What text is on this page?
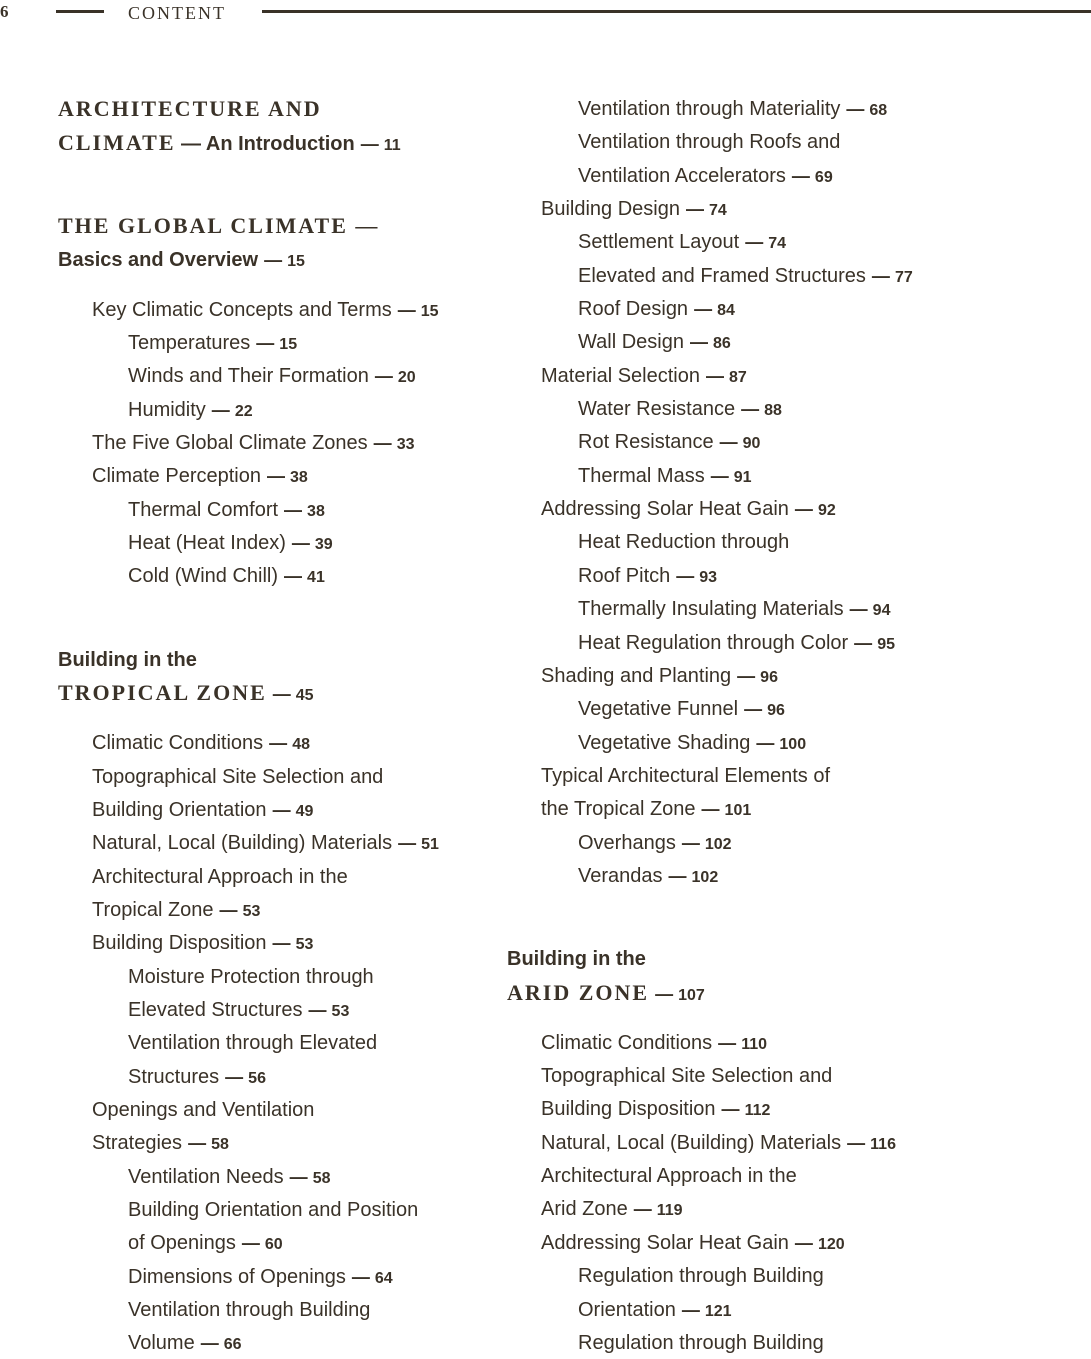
6	CONTENT
ARCHITECTURE AND
CLIMATE — An Introduction — 11
THE GLOBAL CLIMATE —
Basics and Overview — 15
Key Climatic Concepts and Terms — 15
Temperatures — 15
Winds and Their Formation — 20
Humidity — 22
The Five Global Climate Zones — 33
Climate Perception — 38
Thermal Comfort — 38
Heat (Heat Index) — 39
Cold (Wind Chill) — 41
Building in the
TROPICAL ZONE — 45
Climatic Conditions — 48
Topographical Site Selection and
Building Orientation — 49
Natural, Local (Building) Materials — 51
Architectural Approach in the
Tropical Zone — 53
Building Disposition — 53
Moisture Protection through
Elevated Structures — 53
Ventilation through Elevated
Structures — 56
Openings and Ventilation
Strategies — 58
Ventilation Needs — 58
Building Orientation and Position
of Openings — 60
Dimensions of Openings — 64
Ventilation through Building
Volume — 66
Ventilation through Materiality — 68
Ventilation through Roofs and
Ventilation Accelerators — 69
Building Design — 74
Settlement Layout — 74
Elevated and Framed Structures — 77
Roof Design — 84
Wall Design — 86
Material Selection — 87
Water Resistance — 88
Rot Resistance — 90
Thermal Mass — 91
Addressing Solar Heat Gain — 92
Heat Reduction through
Roof Pitch — 93
Thermally Insulating Materials — 94
Heat Regulation through Color — 95
Shading and Planting — 96
Vegetative Funnel — 96
Vegetative Shading — 100
Typical Architectural Elements of
the Tropical Zone — 101
Overhangs — 102
Verandas — 102
Building in the
ARID ZONE — 107
Climatic Conditions — 110
Topographical Site Selection and
Building Disposition — 112
Natural, Local (Building) Materials — 116
Architectural Approach in the
Arid Zone — 119
Addressing Solar Heat Gain — 120
Regulation through Building
Orientation — 121
Regulation through Building
